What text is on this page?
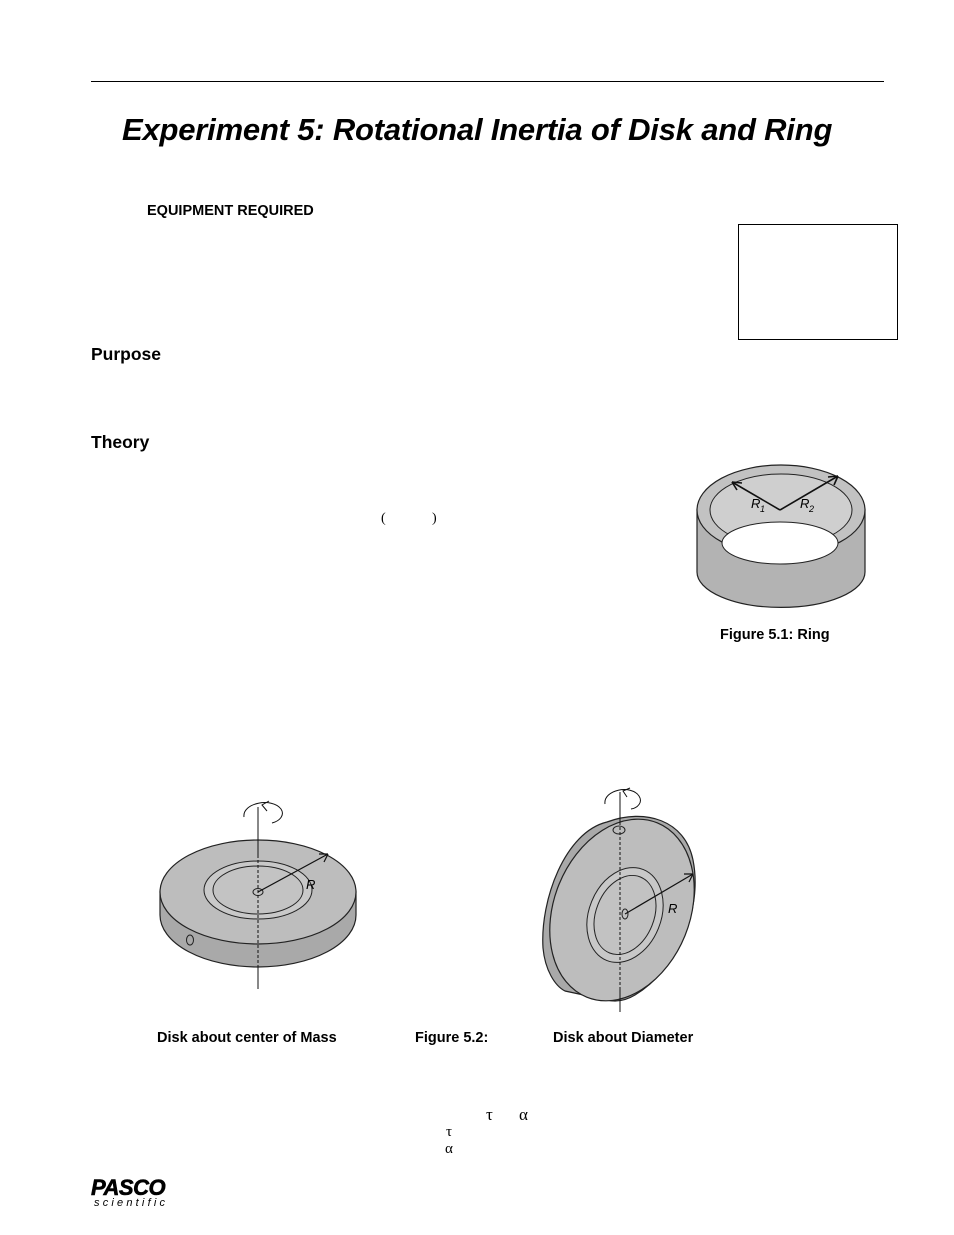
Experiment 5: Rotational Inertia of Disk and Ring
EQUIPMENT REQUIRED
Purpose
Theory
(	)
R 1	R 2
Figure 5.1: Ring
R
R
Disk about center of Mass	Figure 5.2:	Disk about Diameter
τ α
τ
α
PASCO
scientific
